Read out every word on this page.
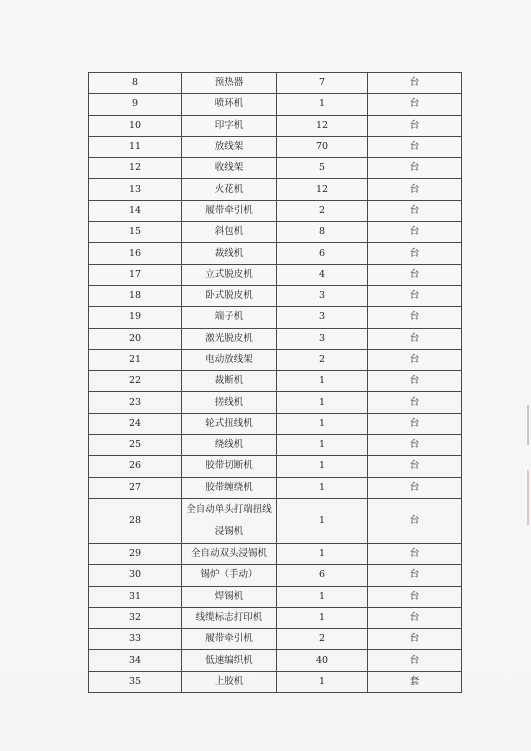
8	预热器	7	台
9	喷环机	1	台
10	印字机	12	台
11	放线架	70	台
12	收线架	5	台
13	火花机	12	台
14	履带牵引机	2	台
15	斜包机	8	台
16	裁线机	6	台
17	立式脱皮机	4	台
18	卧式脱皮机	3	台
19	端子机	3	台
20	激光脱皮机	3	台
21	电动放线架	2	台
22	裁断机	1	台
23	搓线机	1	台
24	轮式扭线机	1	台
25	绕线机	1	台
26	胶带切断机	1	台
27	胶带缠绕机	1	台
28	全自动单头打端扭线浸锡机	1	台
29	全自动双头浸锡机	1	台
30	锡炉（手动）	6	台
31	焊锡机	1	台
32	线缆标志打印机	1	台
33	履带牵引机	2	台
34	低速编织机	40	台
35	上胶机	1	套
